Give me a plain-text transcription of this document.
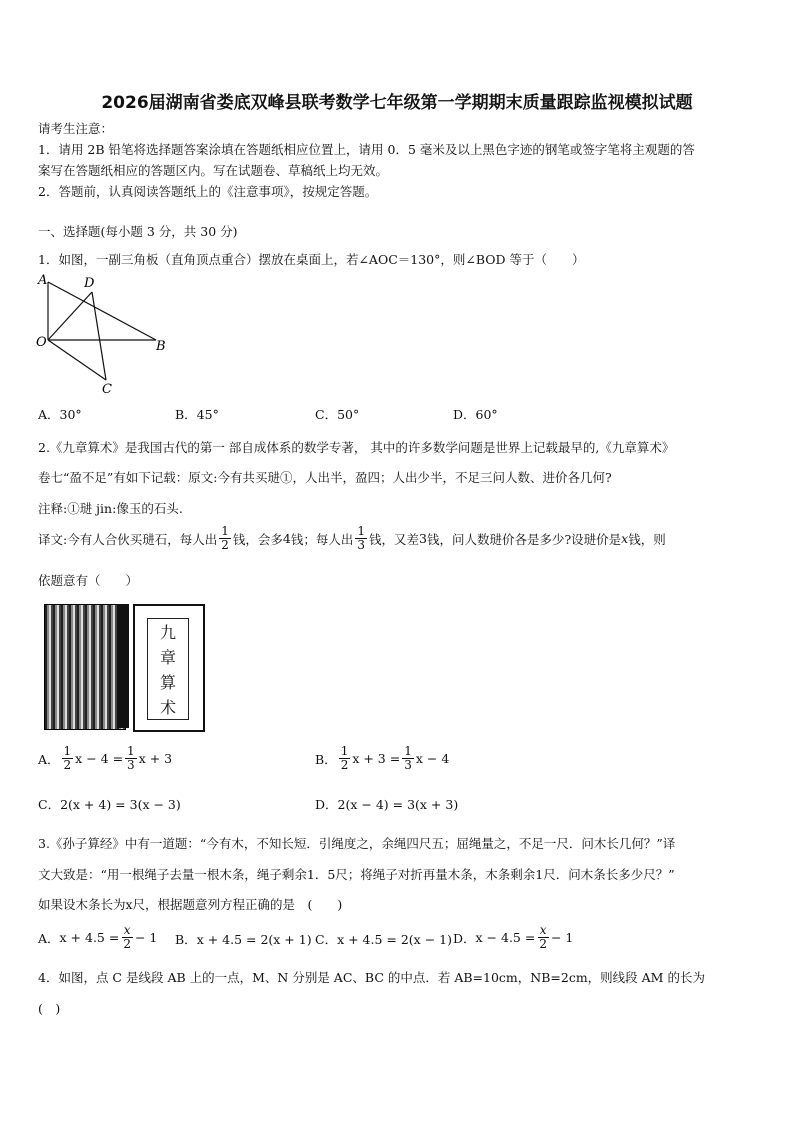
2026届湖南省娄底双峰县联考数学七年级第一学期期末质量跟踪监视模拟试题
请考生注意：
1．请用 2B 铅笔将选择题答案涂填在答题纸相应位置上，请用 0．5 毫米及以上黑色字迹的钢笔或签字笔将主观题的答
案写在答题纸相应的答题区内。写在试题卷、草稿纸上均无效。
2．答题前，认真阅读答题纸上的《注意事项》，按规定答题。
一、选择题(每小题 3 分，共 30 分)
1．如图，一副三角板（直角顶点重合）摆放在桌面上，若∠AOC＝130°，则∠BOD 等于（　　）
A	D
O	B
C
A．30°	B．45°	C．50°	D．60°
2.《九章算术》是我国古代的第一 部自成体系的数学专著， 其中的许多数学问题是世界上记载最早的,《九章算术》
卷七“盈不足”有如下记载：原文:今有共买琎①，人出半，盈四；人出少半，不足三问人数、进价各几何?
注释:①琎 jin:像玉的石头.
译文:今有人合伙买琎石，每人出 $\frac{1}{2}$ 钱，会多 4 钱；每人出 $\frac{1}{3}$ 钱，又差 3 钱，问人数琎价各是多少?设琎价是 x 钱，则
依题意有（　　）
九
章
算
术
A． $\frac{1}{2}$ $x - 4 = \frac{1}{3}$ x + 3	B． $\frac{1}{2}$ $x + 3 = \frac{1}{3}$ x − 4
C．2(x + 4) = 3(x − 3)	D．2(x − 4) = 3(x + 3)
3.《孙子算经》中有一道题：“今有木，不知长短．引绳度之，余绳四尺五；屈绳量之，不足一尺．问木长几何？”译
文大致是：“用一根绳子去量一根木条，绳子剩余1．5尺；将绳子对折再量木条，木条剩余1尺．问木条长多少尺？”
如果设木条长为x尺，根据题意列方程正确的是　(　　)
A． $x + 4.5 = \frac{x}{2} - 1$ B．x + 4.5 = 2(x + 1) C．x + 4.5 = 2(x − 1) D． $x - 4.5 = \frac{x}{2} - 1$
4．如图，点 C 是线段 AB 上的一点，M、N 分别是 AC、BC 的中点．若 AB=10cm，NB=2cm，则线段 AM 的长为
(　)
